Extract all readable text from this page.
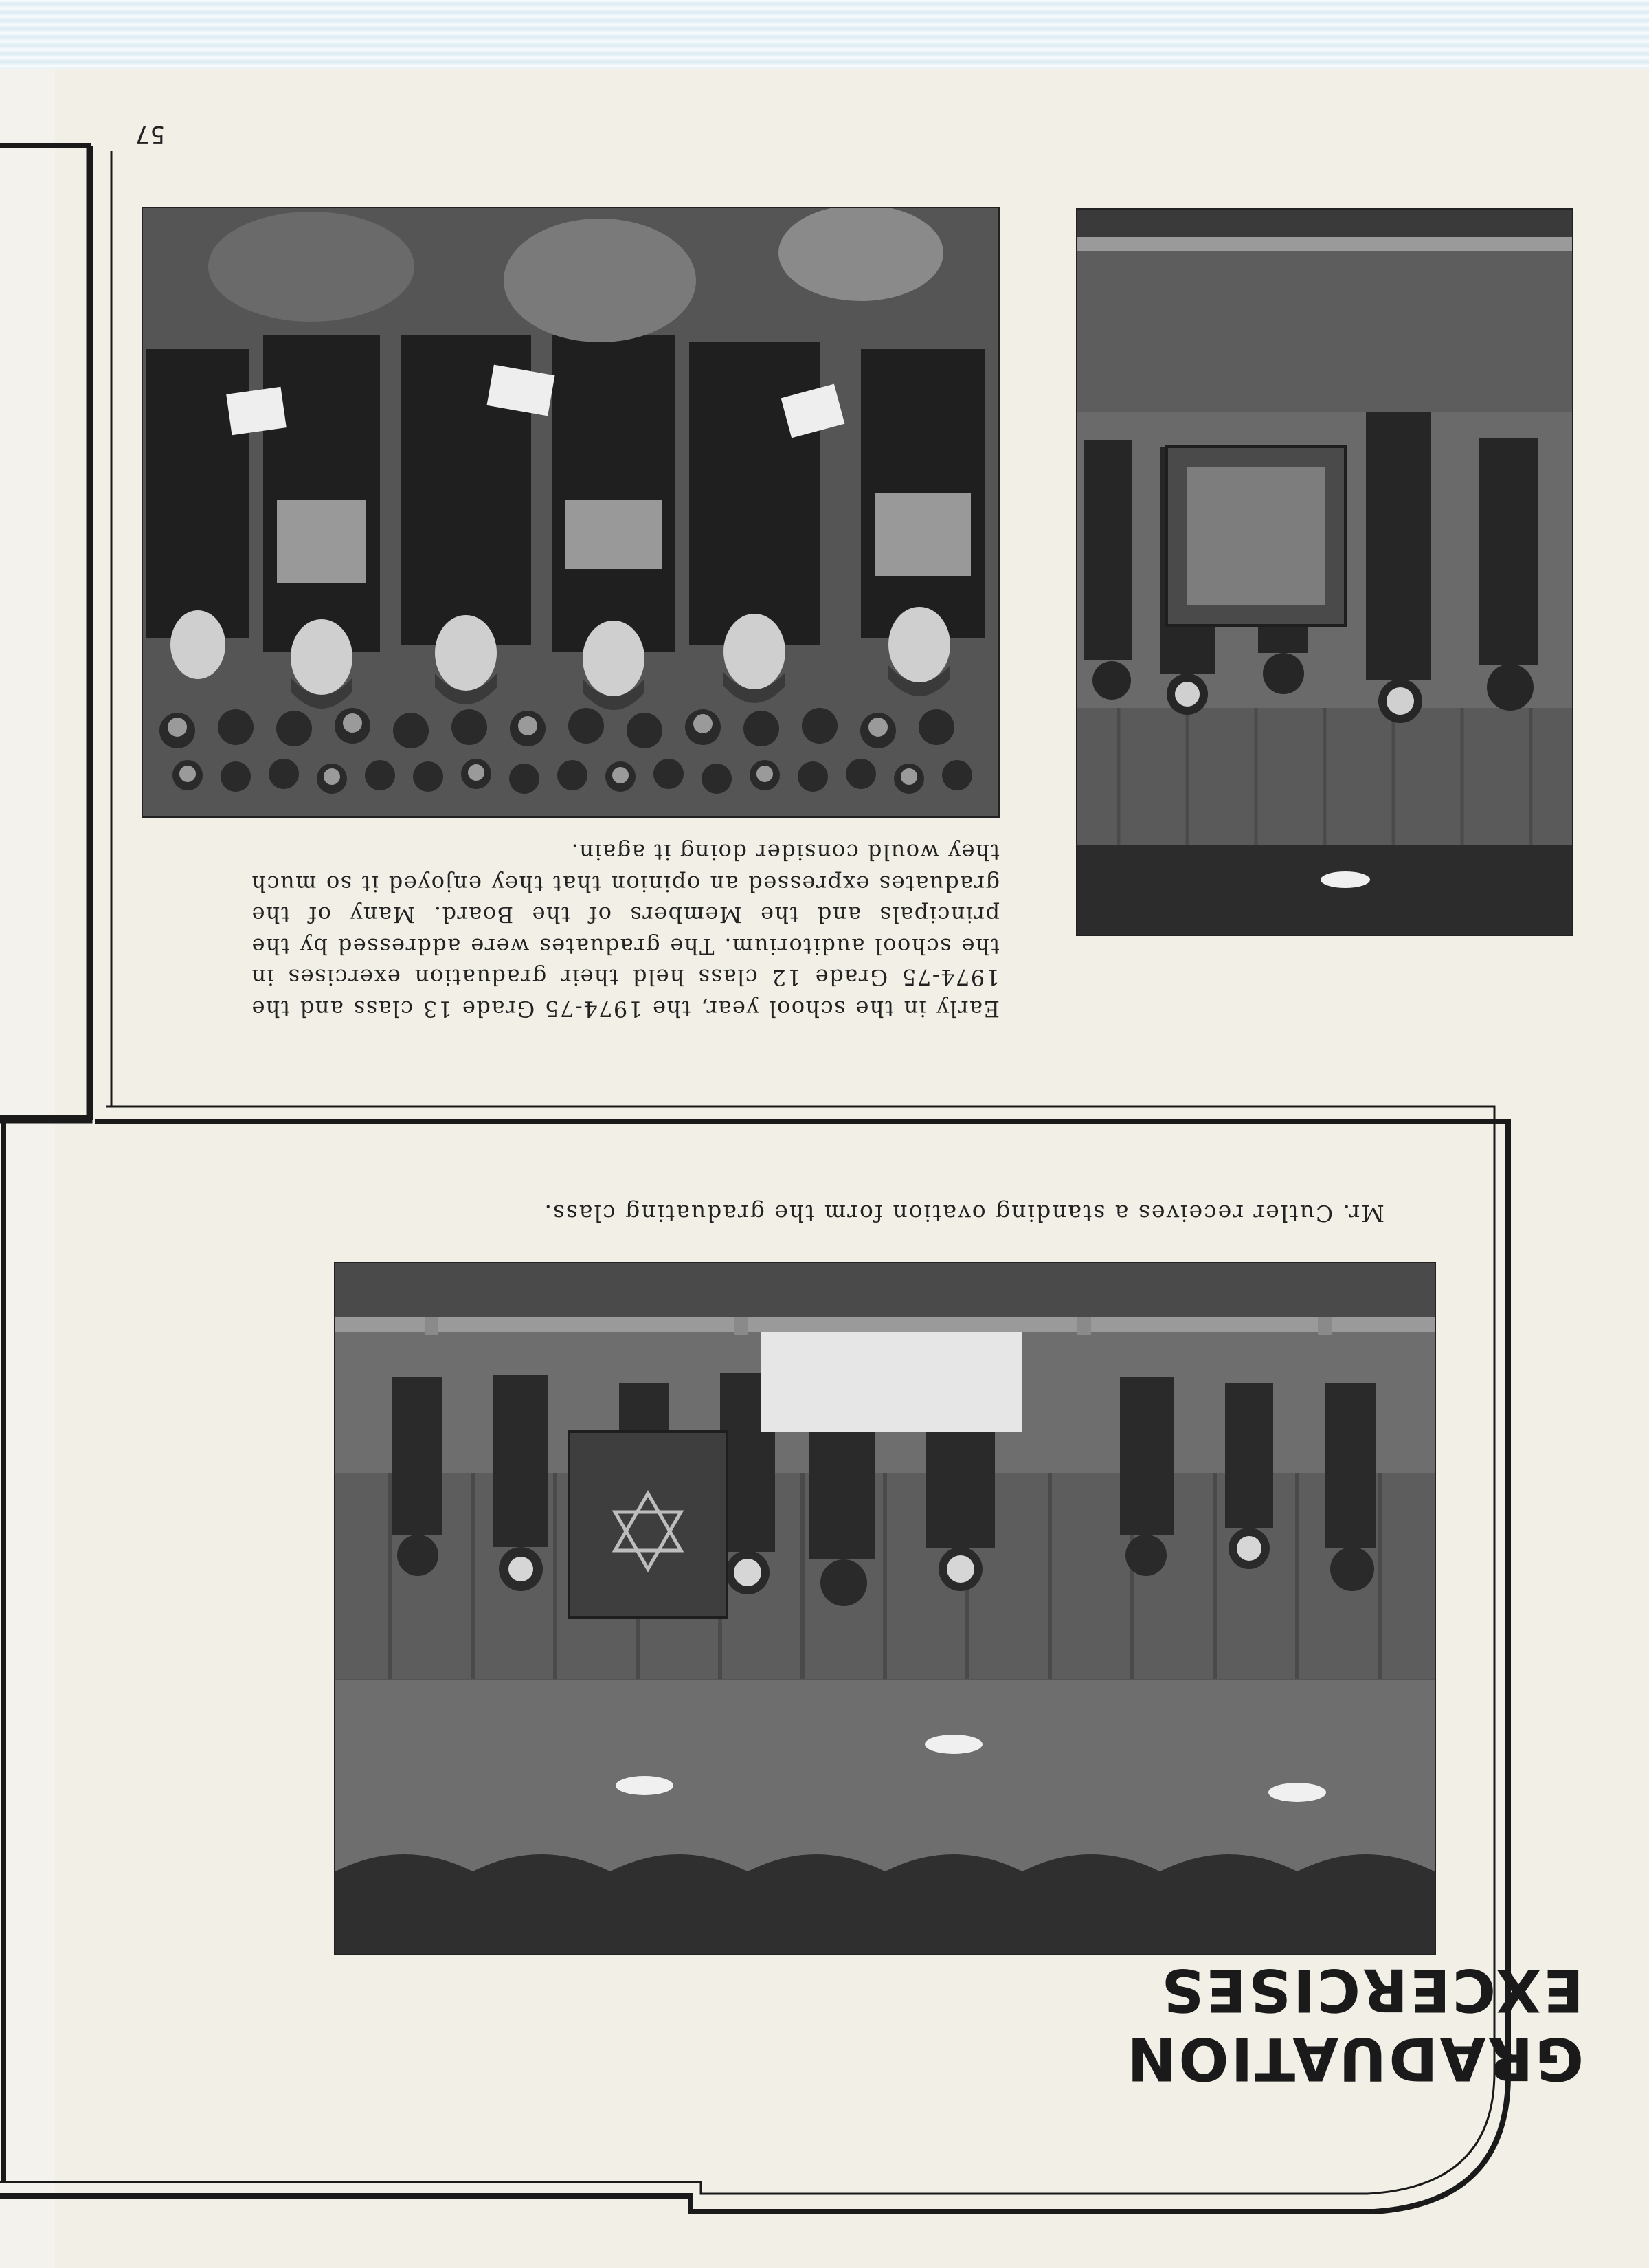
57
GRADUATION EXCERCISES
Mr. Cutler receives a standing ovation form the graduating class.
Early in the school year, the 1974-75 Grade 13 class and the 1974-75 Grade 12 class held their graduation exercises in the school auditorium. The graduates were addressed by the principals and the Members of the Board. Many of the graduates expressed an opinion that they enjoyed it so much they would consider doing it again.
